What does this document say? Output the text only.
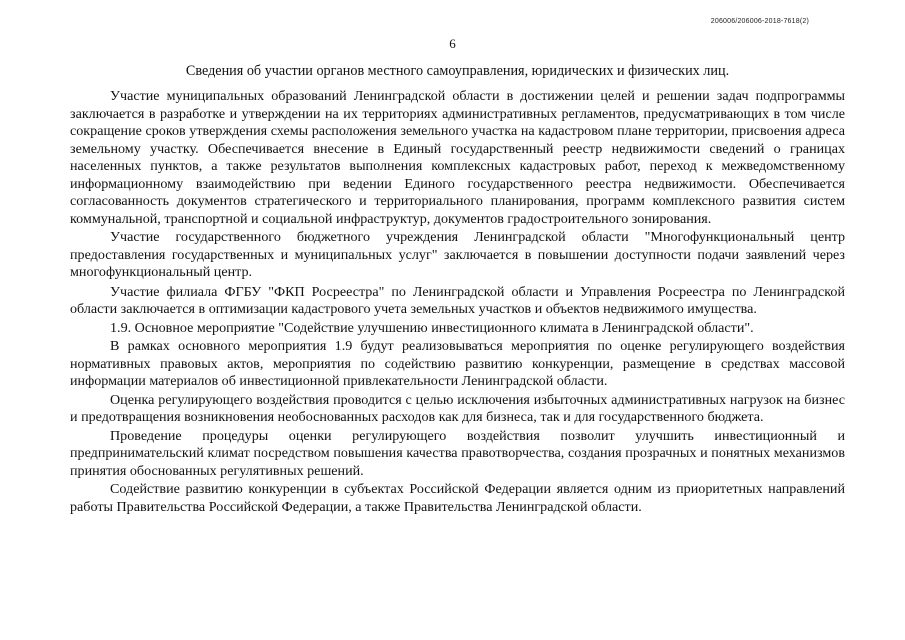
206006/206006-2018-7618(2)
6
Сведения об участии органов местного самоуправления, юридических и физических лиц.

Участие муниципальных образований Ленинградской области в достижении целей и решении задач подпрограммы заключается в разработке и утверждении на их территориях административных регламентов, предусматривающих в том числе сокращение сроков утверждения схемы расположения земельного участка на кадастровом плане территории, присвоения адреса земельному участку. Обеспечивается внесение в Единый государственный реестр недвижимости сведений о границах населенных пунктов, а также результатов выполнения комплексных кадастровых работ, переход к межведомственному информационному взаимодействию при ведении Единого государственного реестра недвижимости. Обеспечивается согласованность документов стратегического и территориального планирования, программ комплексного развития систем коммунальной, транспортной и социальной инфраструктур, документов градостроительного зонирования.

Участие государственного бюджетного учреждения Ленинградской области "Многофункциональный центр предоставления государственных и муниципальных услуг" заключается в повышении доступности подачи заявлений через многофункциональный центр.

Участие филиала ФГБУ "ФКП Росреестра" по Ленинградской области и Управления Росреестра по Ленинградской области заключается в оптимизации кадастрового учета земельных участков и объектов недвижимого имущества.

1.9. Основное мероприятие "Содействие улучшению инвестиционного климата в Ленинградской области".

В рамках основного мероприятия 1.9 будут реализовываться мероприятия по оценке регулирующего воздействия нормативных правовых актов, мероприятия по содействию развитию конкуренции, размещение в средствах массовой информации материалов об инвестиционной привлекательности Ленинградской области.

Оценка регулирующего воздействия проводится с целью исключения избыточных административных нагрузок на бизнес и предотвращения возникновения необоснованных расходов как для бизнеса, так и для государственного бюджета.

Проведение процедуры оценки регулирующего воздействия позволит улучшить инвестиционный и предпринимательский климат посредством повышения качества правотворчества, создания прозрачных и понятных механизмов принятия обоснованных регулятивных решений.

Содействие развитию конкуренции в субъектах Российской Федерации является одним из приоритетных направлений работы Правительства Российской Федерации, а также Правительства Ленинградской области.
